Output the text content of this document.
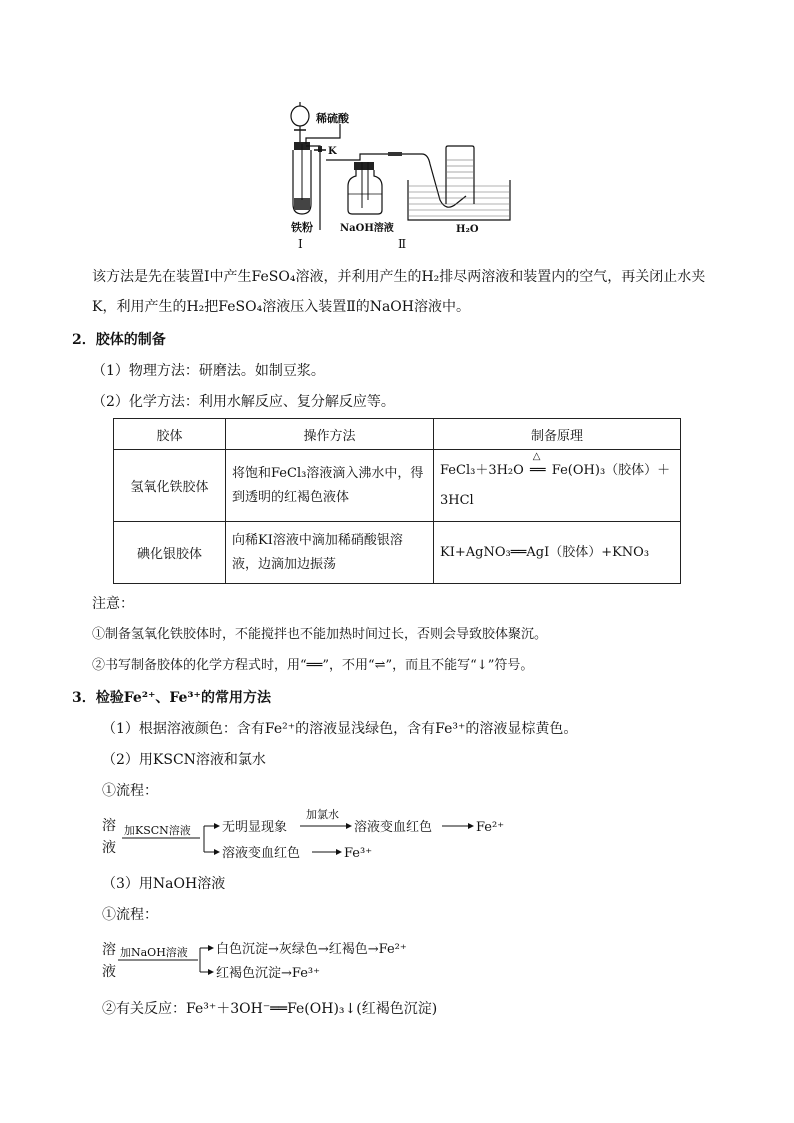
稀硫酸
K
铁粉	NaOH溶液	H₂O
Ⅰ	Ⅱ
该方法是先在装置Ⅰ中产生FeSO₄溶液，并利用产生的H₂排尽两溶液和装置内的空气，再关闭止水夹
K，利用产生的H₂把FeSO₄溶液压入装置Ⅱ的NaOH溶液中。
2．胶体的制备
（1）物理方法：研磨法。如制豆浆。
（2）化学方法：利用水解反应、复分解反应等。
胶体	操作方法	制备原理
氢氧化铁胶体	将饱和FeCl₃溶液滴入沸水中，得到透明的红褐色液体	FeCl₃＋3H₂O
△
══ Fe(OH)₃（胶体）＋
3HCl
碘化银胶体	向稀KI溶液中滴加稀硝酸银溶液，边滴加边振荡	KI+AgNO₃══AgI（胶体）+KNO₃
注意：
①制备氢氧化铁胶体时，不能搅拌也不能加热时间过长，否则会导致胶体聚沉。
②书写制备胶体的化学方程式时，用“══”，不用“⇌”，而且不能写“↓”符号。
3．检验Fe²⁺、Fe³⁺的常用方法
（1）根据溶液颜色：含有Fe²⁺的溶液显浅绿色，含有Fe³⁺的溶液显棕黄色。
（2）用KSCN溶液和氯水
①流程：
溶
液
加KSCN溶液 无明显现象
加氯水
溶液变血红色	Fe²⁺
溶液变血红色	Fe³⁺
（3）用NaOH溶液
①流程：
溶
液
加NaOH溶液 白色沉淀→灰绿色→红褐色→Fe²⁺
红褐色沉淀→Fe³⁺
②有关反应：Fe³⁺＋3OH⁻══Fe(OH)₃↓(红褐色沉淀)
